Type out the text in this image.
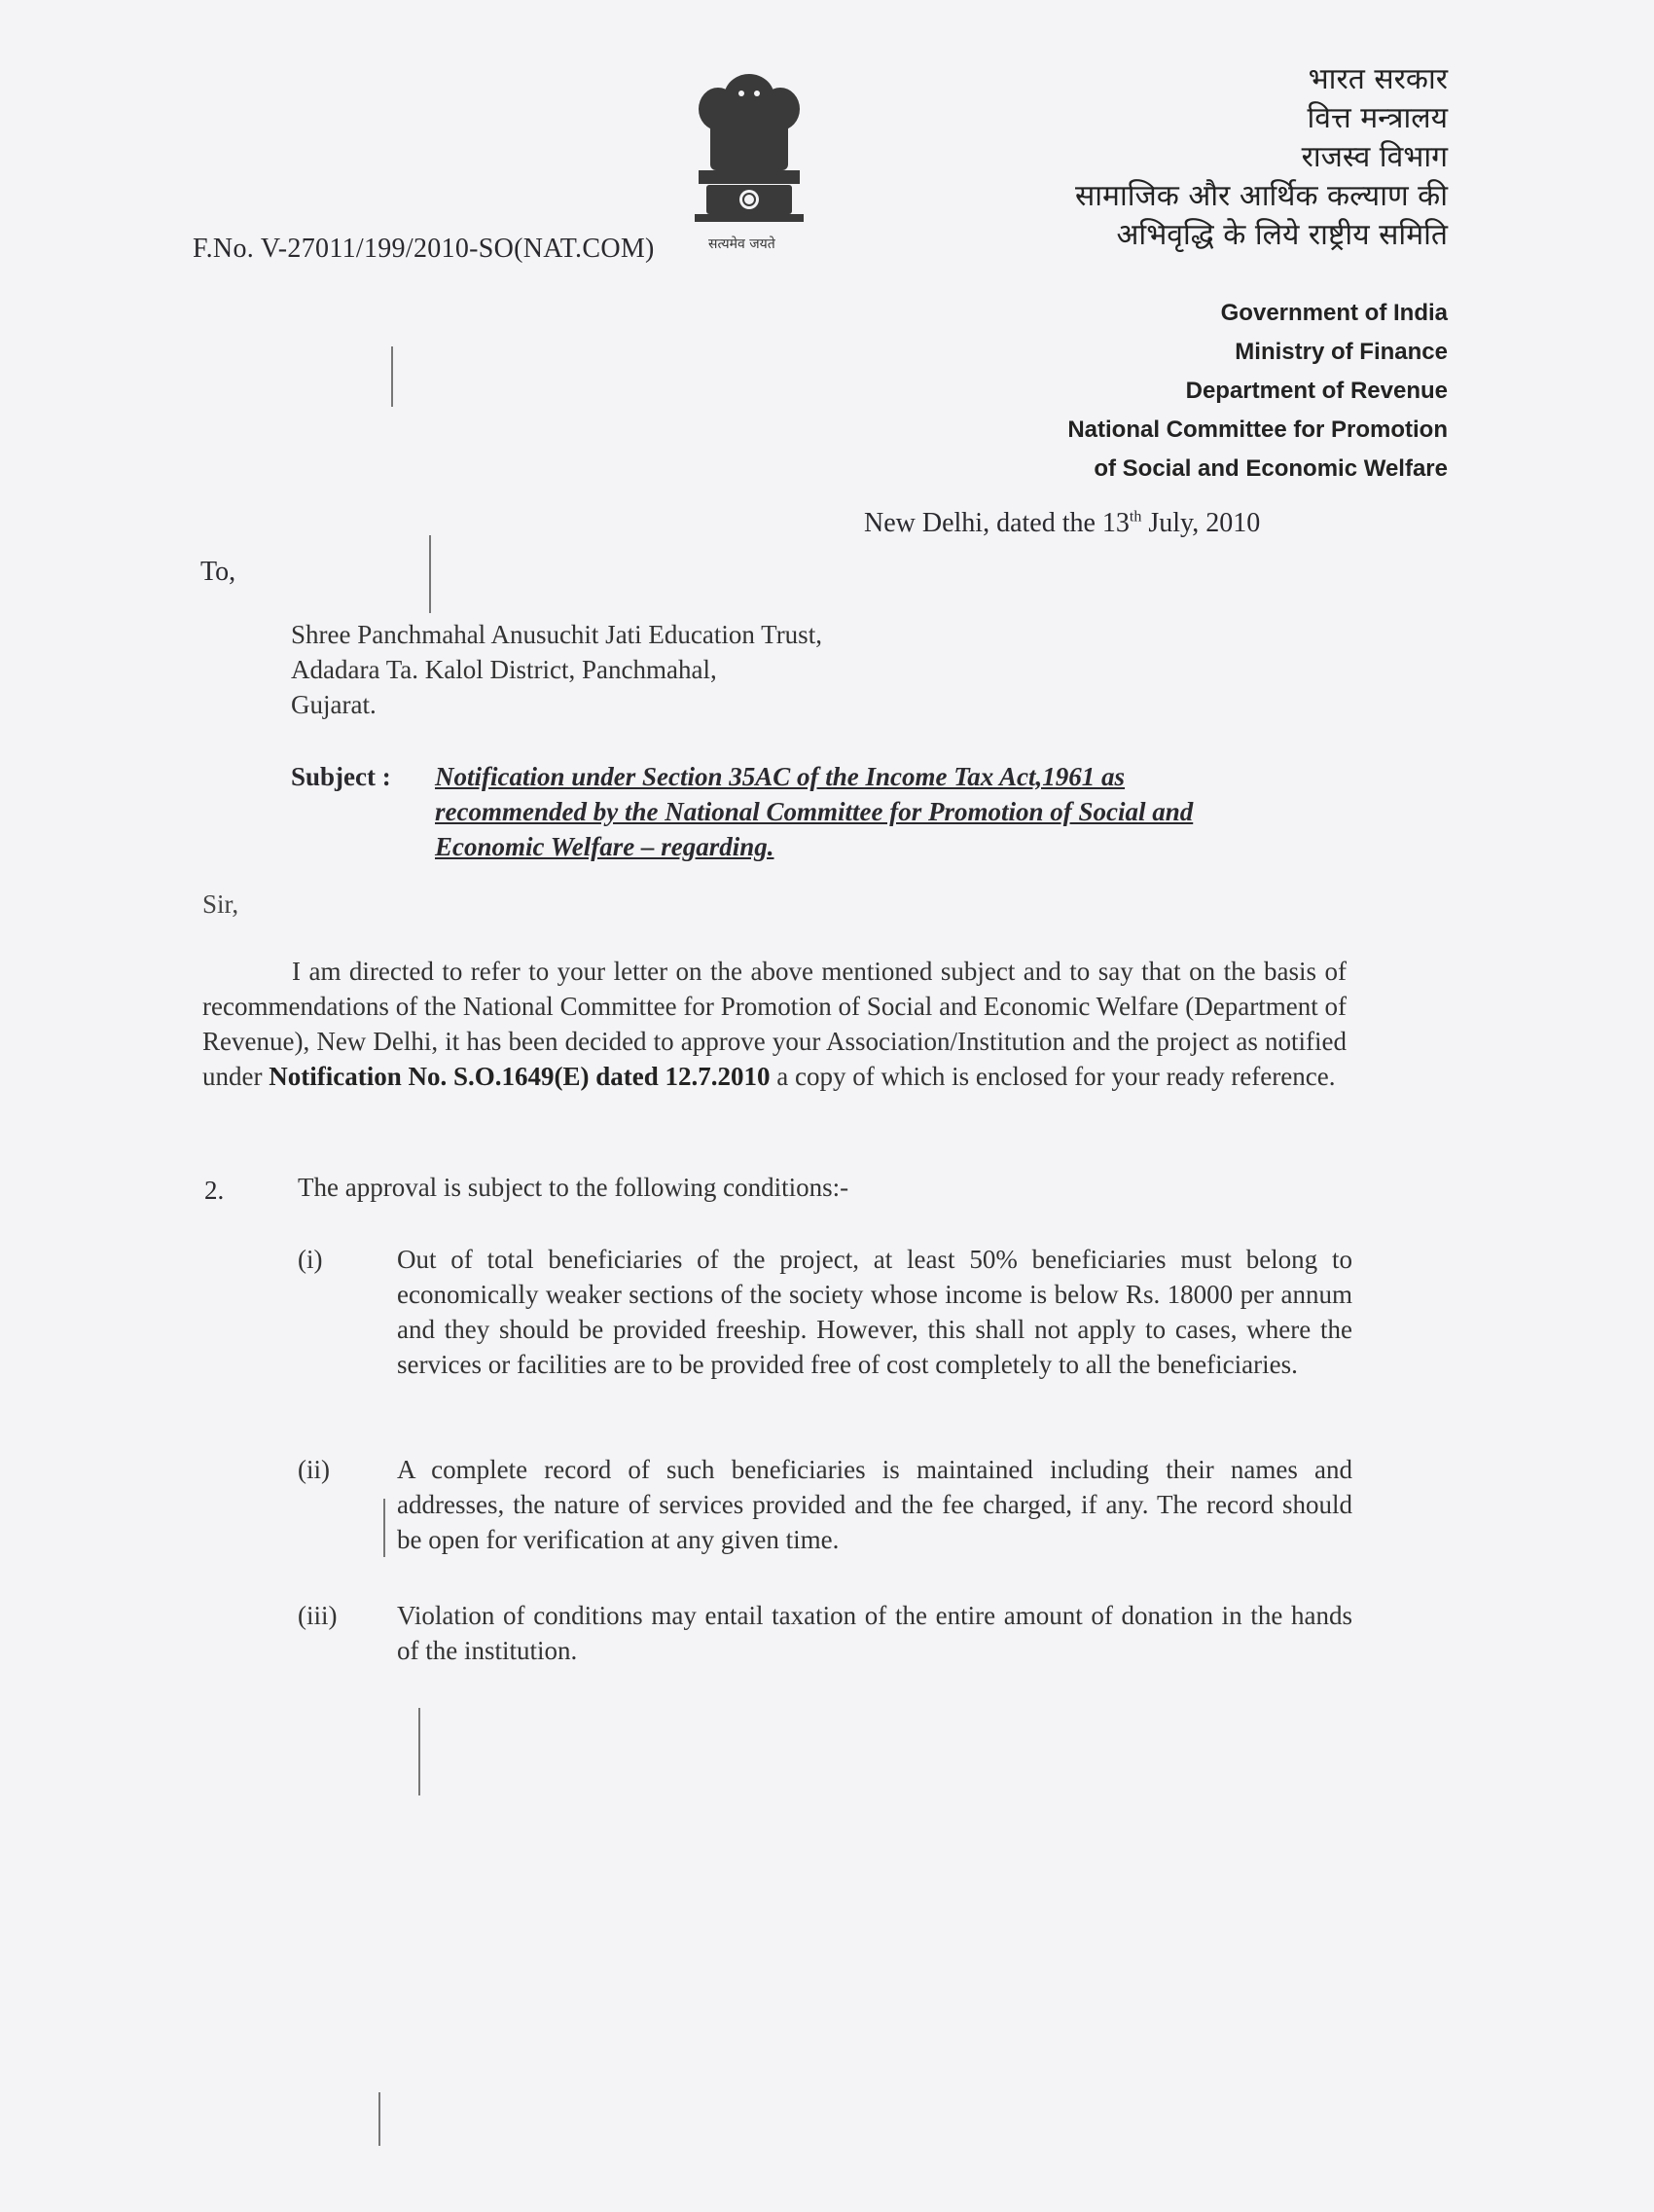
सत्यमेव जयते
F.No. V-27011/199/2010-SO(NAT.COM)
भारत सरकार
वित्त मन्त्रालय
राजस्व विभाग
सामाजिक और आर्थिक कल्याण की
अभिवृद्धि के लिये राष्ट्रीय समिति
Government of India
Ministry of Finance
Department of Revenue
National Committee for Promotion
of Social and Economic Welfare
New Delhi, dated the 13th July, 2010
To,
Shree Panchmahal Anusuchit Jati Education Trust,
Adadara Ta. Kalol District, Panchmahal,
Gujarat.
Subject : Notification under Section 35AC of the Income Tax Act,1961 as recommended by the National Committee for Promotion of Social and Economic Welfare – regarding.
Sir,
I am directed to refer to your letter on the above mentioned subject and to say that on the basis of recommendations of the National Committee for Promotion of Social and Economic Welfare (Department of Revenue), New Delhi, it has been decided to approve your Association/Institution and the project as notified under Notification No. S.O.1649(E) dated 12.7.2010 a copy of which is enclosed for your ready reference.
2.	The approval is subject to the following conditions:-
(i)	Out of total beneficiaries of the project, at least 50% beneficiaries must belong to economically weaker sections of the society whose income is below Rs. 18000 per annum and they should be provided freeship. However, this shall not apply to cases, where the services or facilities are to be provided free of cost completely to all the beneficiaries.
(ii)	A complete record of such beneficiaries is maintained including their names and addresses, the nature of services provided and the fee charged, if any. The record should be open for verification at any given time.
(iii)	Violation of conditions may entail taxation of the entire amount of donation in the hands of the institution.
